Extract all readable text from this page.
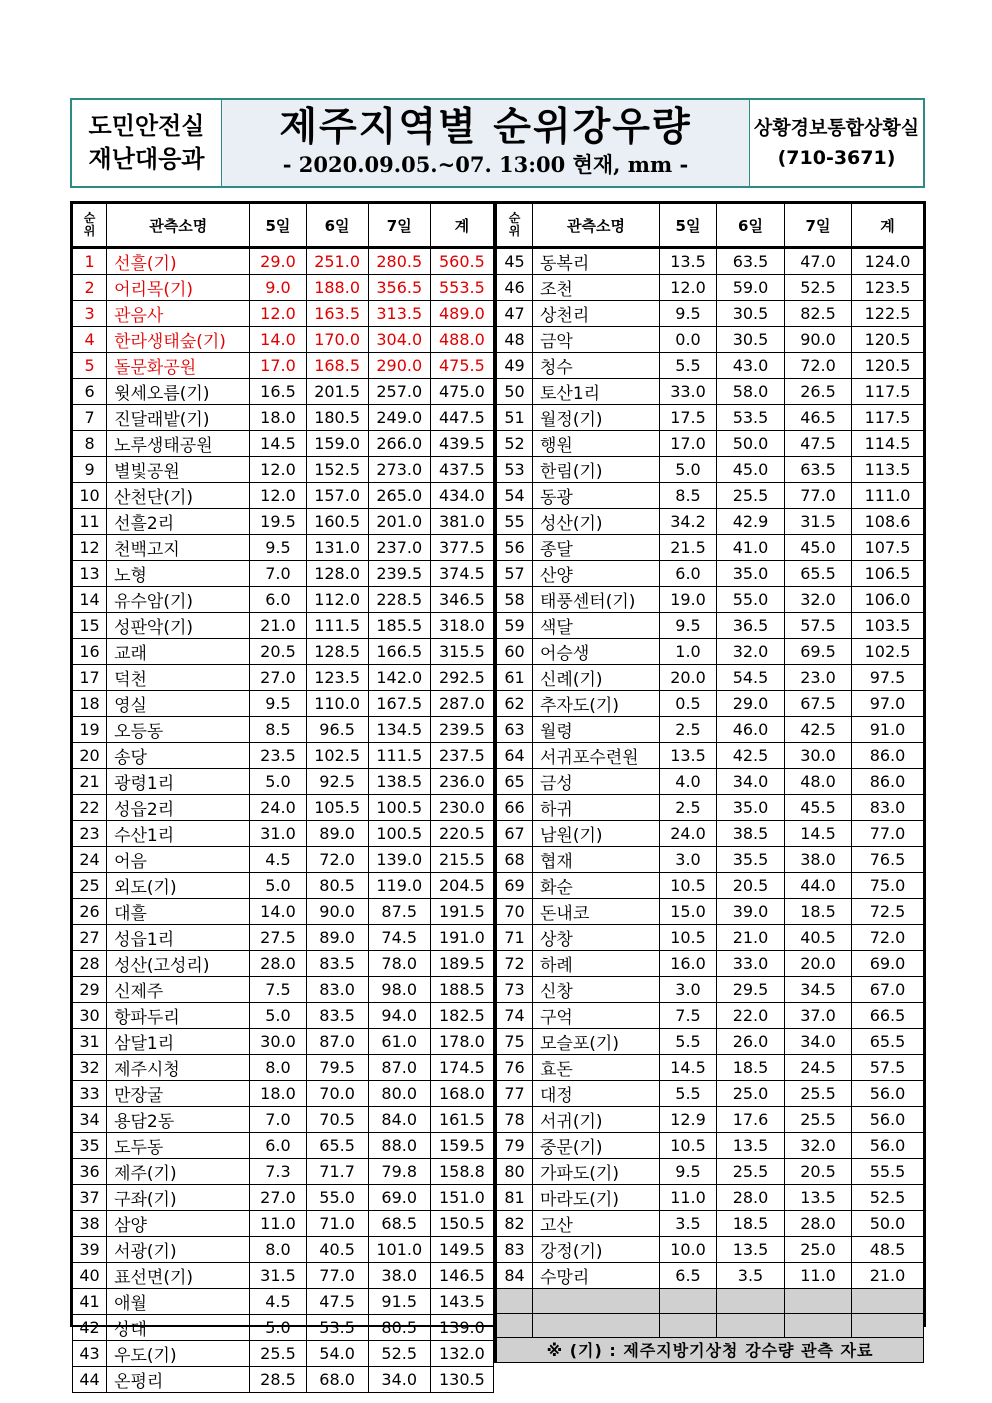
도민안전실
재난대응과
제주지역별 순위강우량
- 2020.09.05.~07. 13:00 현재, mm -
상황경보통합상황실
(710-3671)
순
위	관측소명	5일	6일	7일	계
1	선흘(기)	29.0	251.0	280.5	560.5
2	어리목(기)	9.0	188.0	356.5	553.5
3	관음사	12.0	163.5	313.5	489.0
4	한라생태숲(기)	14.0	170.0	304.0	488.0
5	돌문화공원	17.0	168.5	290.0	475.5
6	윗세오름(기)	16.5	201.5	257.0	475.0
7	진달래밭(기)	18.0	180.5	249.0	447.5
8	노루생태공원	14.5	159.0	266.0	439.5
9	별빛공원	12.0	152.5	273.0	437.5
10	산천단(기)	12.0	157.0	265.0	434.0
11	선흘2리	19.5	160.5	201.0	381.0
12	천백고지	9.5	131.0	237.0	377.5
13	노형	7.0	128.0	239.5	374.5
14	유수암(기)	6.0	112.0	228.5	346.5
15	성판악(기)	21.0	111.5	185.5	318.0
16	교래	20.5	128.5	166.5	315.5
17	덕천	27.0	123.5	142.0	292.5
18	영실	9.5	110.0	167.5	287.0
19	오등동	8.5	96.5	134.5	239.5
20	송당	23.5	102.5	111.5	237.5
21	광령1리	5.0	92.5	138.5	236.0
22	성읍2리	24.0	105.5	100.5	230.0
23	수산1리	31.0	89.0	100.5	220.5
24	어음	4.5	72.0	139.0	215.5
25	외도(기)	5.0	80.5	119.0	204.5
26	대흘	14.0	90.0	87.5	191.5
27	성읍1리	27.5	89.0	74.5	191.0
28	성산(고성리)	28.0	83.5	78.0	189.5
29	신제주	7.5	83.0	98.0	188.5
30	항파두리	5.0	83.5	94.0	182.5
31	삼달1리	30.0	87.0	61.0	178.0
32	제주시청	8.0	79.5	87.0	174.5
33	만장굴	18.0	70.0	80.0	168.0
34	용담2동	7.0	70.5	84.0	161.5
35	도두동	6.0	65.5	88.0	159.5
36	제주(기)	7.3	71.7	79.8	158.8
37	구좌(기)	27.0	55.0	69.0	151.0
38	삼양	11.0	71.0	68.5	150.5
39	서광(기)	8.0	40.5	101.0	149.5
40	표선면(기)	31.5	77.0	38.0	146.5
41	애월	4.5	47.5	91.5	143.5
42	상대	5.0	53.5	80.5	139.0
43	우도(기)	25.5	54.0	52.5	132.0
44	온평리	28.5	68.0	34.0	130.5
순
위	관측소명	5일	6일	7일	계
45	동복리	13.5	63.5	47.0	124.0
46	조천	12.0	59.0	52.5	123.5
47	상천리	9.5	30.5	82.5	122.5
48	금악	0.0	30.5	90.0	120.5
49	청수	5.5	43.0	72.0	120.5
50	토산1리	33.0	58.0	26.5	117.5
51	월정(기)	17.5	53.5	46.5	117.5
52	행원	17.0	50.0	47.5	114.5
53	한림(기)	5.0	45.0	63.5	113.5
54	동광	8.5	25.5	77.0	111.0
55	성산(기)	34.2	42.9	31.5	108.6
56	종달	21.5	41.0	45.0	107.5
57	산양	6.0	35.0	65.5	106.5
58	태풍센터(기)	19.0	55.0	32.0	106.0
59	색달	9.5	36.5	57.5	103.5
60	어승생	1.0	32.0	69.5	102.5
61	신례(기)	20.0	54.5	23.0	97.5
62	추자도(기)	0.5	29.0	67.5	97.0
63	월령	2.5	46.0	42.5	91.0
64	서귀포수련원	13.5	42.5	30.0	86.0
65	금성	4.0	34.0	48.0	86.0
66	하귀	2.5	35.0	45.5	83.0
67	남원(기)	24.0	38.5	14.5	77.0
68	협재	3.0	35.5	38.0	76.5
69	화순	10.5	20.5	44.0	75.0
70	돈내코	15.0	39.0	18.5	72.5
71	상창	10.5	21.0	40.5	72.0
72	하례	16.0	33.0	20.0	69.0
73	신창	3.0	29.5	34.5	67.0
74	구억	7.5	22.0	37.0	66.5
75	모슬포(기)	5.5	26.0	34.0	65.5
76	효돈	14.5	18.5	24.5	57.5
77	대정	5.5	25.0	25.5	56.0
78	서귀(기)	12.9	17.6	25.5	56.0
79	중문(기)	10.5	13.5	32.0	56.0
80	가파도(기)	9.5	25.5	20.5	55.5
81	마라도(기)	11.0	28.0	13.5	52.5
82	고산	3.5	18.5	28.0	50.0
83	강정(기)	10.0	13.5	25.0	48.5
84	수망리	6.5	3.5	11.0	21.0

※ (기) : 제주지방기상청 강수량 관측 자료					
